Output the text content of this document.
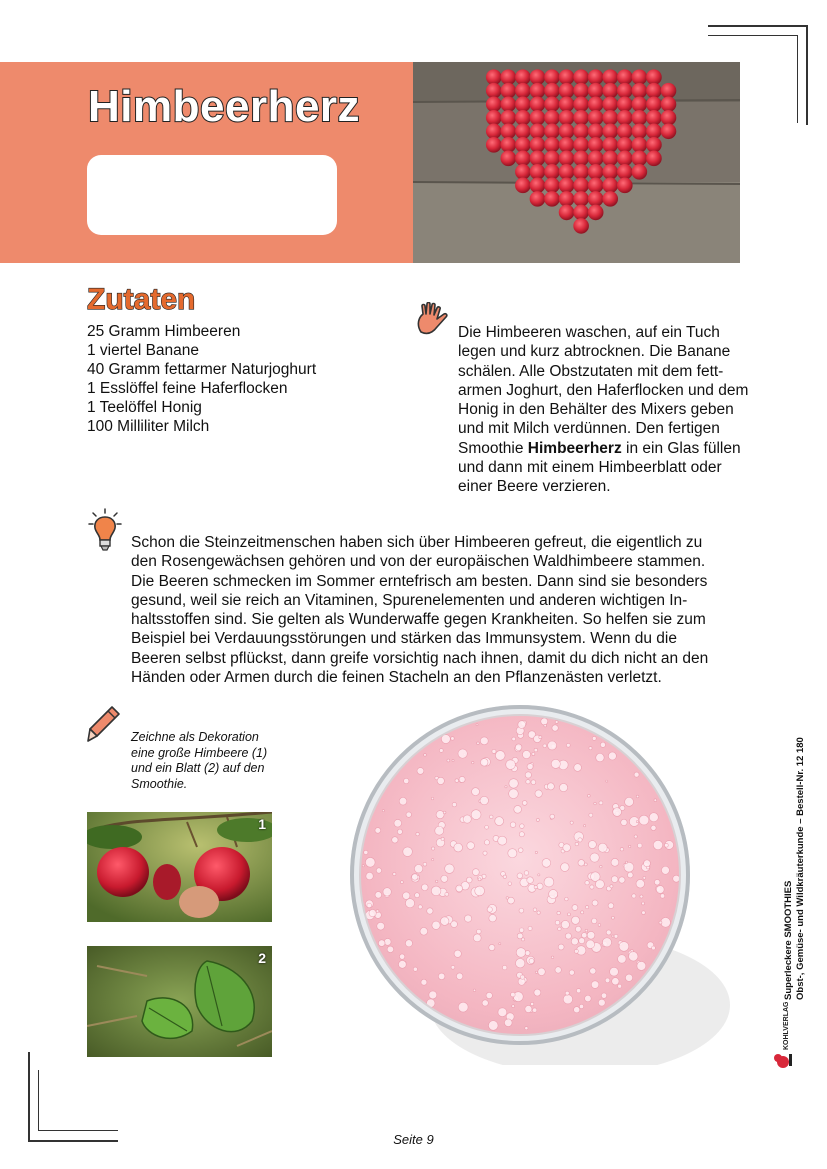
Himbeerherz
Zutaten
25 Gramm Himbeeren
1 viertel Banane
40 Gramm fettarmer Naturjoghurt
1 Esslöffel feine Haferflocken
1 Teelöffel Honig
100 Milliliter Milch
Die Himbeeren waschen, auf ein Tuch
legen und kurz abtrocknen. Die Banane
schälen. Alle Obstzutaten mit dem fett-
armen Joghurt, den Haferflocken und dem
Honig in den Behälter des Mixers geben
und mit Milch verdünnen. Den fertigen
Smoothie Himbeerherz in ein Glas füllen
und dann mit einem Himbeerblatt oder
einer Beere verzieren.
Schon die Steinzeitmenschen haben sich über Himbeeren gefreut, die eigentlich zu
den Rosengewächsen gehören und von der europäischen Waldhimbeere stammen.
Die Beeren schmecken im Sommer erntefrisch am besten. Dann sind sie besonders
gesund, weil sie reich an Vitaminen, Spurenelementen und anderen wichtigen In-
haltsstoffen sind. Sie gelten als Wunderwaffe gegen Krankheiten. So helfen sie zum
Beispiel bei Verdauungsstörungen und stärken das Immunsystem. Wenn du die
Beeren selbst pflückst, dann greife vorsichtig nach ihnen, damit du dich nicht an den
Händen oder Armen durch die feinen Stacheln an den Pflanzenästen verletzt.
Zeichne als Dekoration
eine große Himbeere (1)
und ein Blatt (2) auf den
Smoothie.
1
2	Superleckere SMOOTHIES Obst-, Gemüse- und Wildkräuterkunde – Bestell-Nr. 12 180
KOHLVERLAG
Seite 9
